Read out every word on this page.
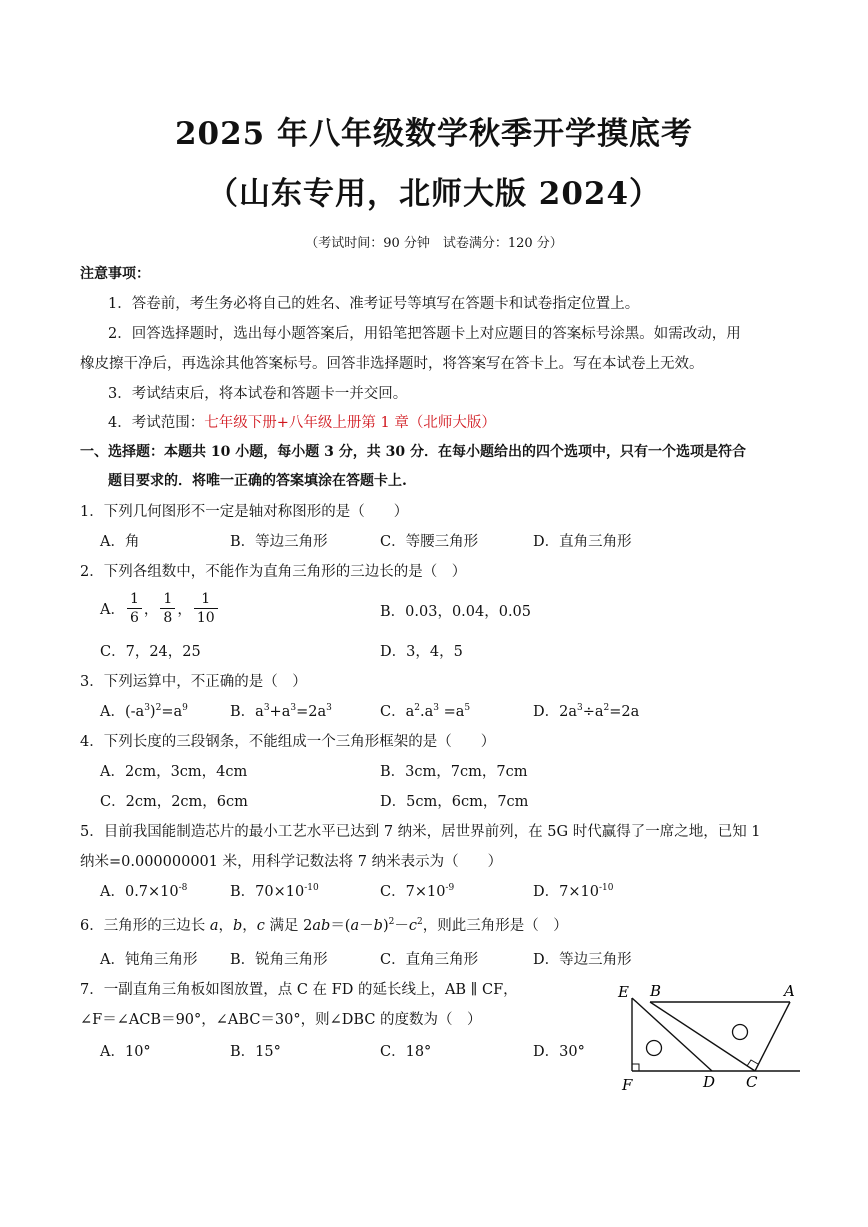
2025 年八年级数学秋季开学摸底考
（山东专用，北师大版 2024）
（考试时间：90 分钟　试卷满分：120 分）
注意事项：
1．答卷前，考生务必将自己的姓名、准考证号等填写在答题卡和试卷指定位置上。
2．回答选择题时，选出每小题答案后，用铅笔把答题卡上对应题目的答案标号涂黑。如需改动，用
橡皮擦干净后，再选涂其他答案标号。回答非选择题时，将答案写在答卡上。写在本试卷上无效。
3．考试结束后，将本试卷和答题卡一并交回。
4．考试范围：七年级下册+八年级上册第 1 章（北师大版）
一、选择题：本题共 10 小题，每小题 3 分，共 30 分．在每小题给出的四个选项中，只有一个选项是符合
题目要求的．将唯一正确的答案填涂在答题卡上.
1．下列几何图形不一定是轴对称图形的是（　　）
A．角	B．等边三角形	C．等腰三角形	D．直角三角形
2．下列各组数中，不能作为直角三角形的三边长的是（　）
A． $\frac{1}{6}$ ， $\frac{1}{8}$ ， $\frac{1}{10}$	B．0.03，0.04，0.05
C．7，24，25	D．3，4，5
3．下列运算中，不正确的是（　）
A．$(-a^3)^2=a^9$	B．$a^3+a^3=2a^3$	C．$a^2.a^3 =a^5$	D．$2a^3\div a^2=2a$
4．下列长度的三段钢条，不能组成一个三角形框架的是（　　）
A．2cm，3cm，4cm	B．3cm，7cm，7cm
C．2cm，2cm，6cm	D．5cm，6cm，7cm
5．目前我国能制造芯片的最小工艺水平已达到 7 纳米，居世界前列，在 5G 时代赢得了一席之地，已知 1
纳米=0.000000001 米，用科学记数法将 7 纳米表示为（　　）
A．$0.7\times 10^{-8}$	B．$70\times 10^{-10}$	C．$7\times 10^{-9}$	D．$7\times 10^{-10}$
6．三角形的三边长 a，b，c 满足 $2ab=(a-b)^2-c^2$，则此三角形是（　）
A．钝角三角形 B．锐角三角形	C．直角三角形	D．等边三角形
7．一副直角三角板如图放置，点 C 在 FD 的延长线上，AB ∥ CF，
∠F＝∠ACB＝90°，∠ABC＝30°，则∠DBC 的度数为（　）
A．10°	B．15°	C．18°	D．30°
E B	A
F	D C
